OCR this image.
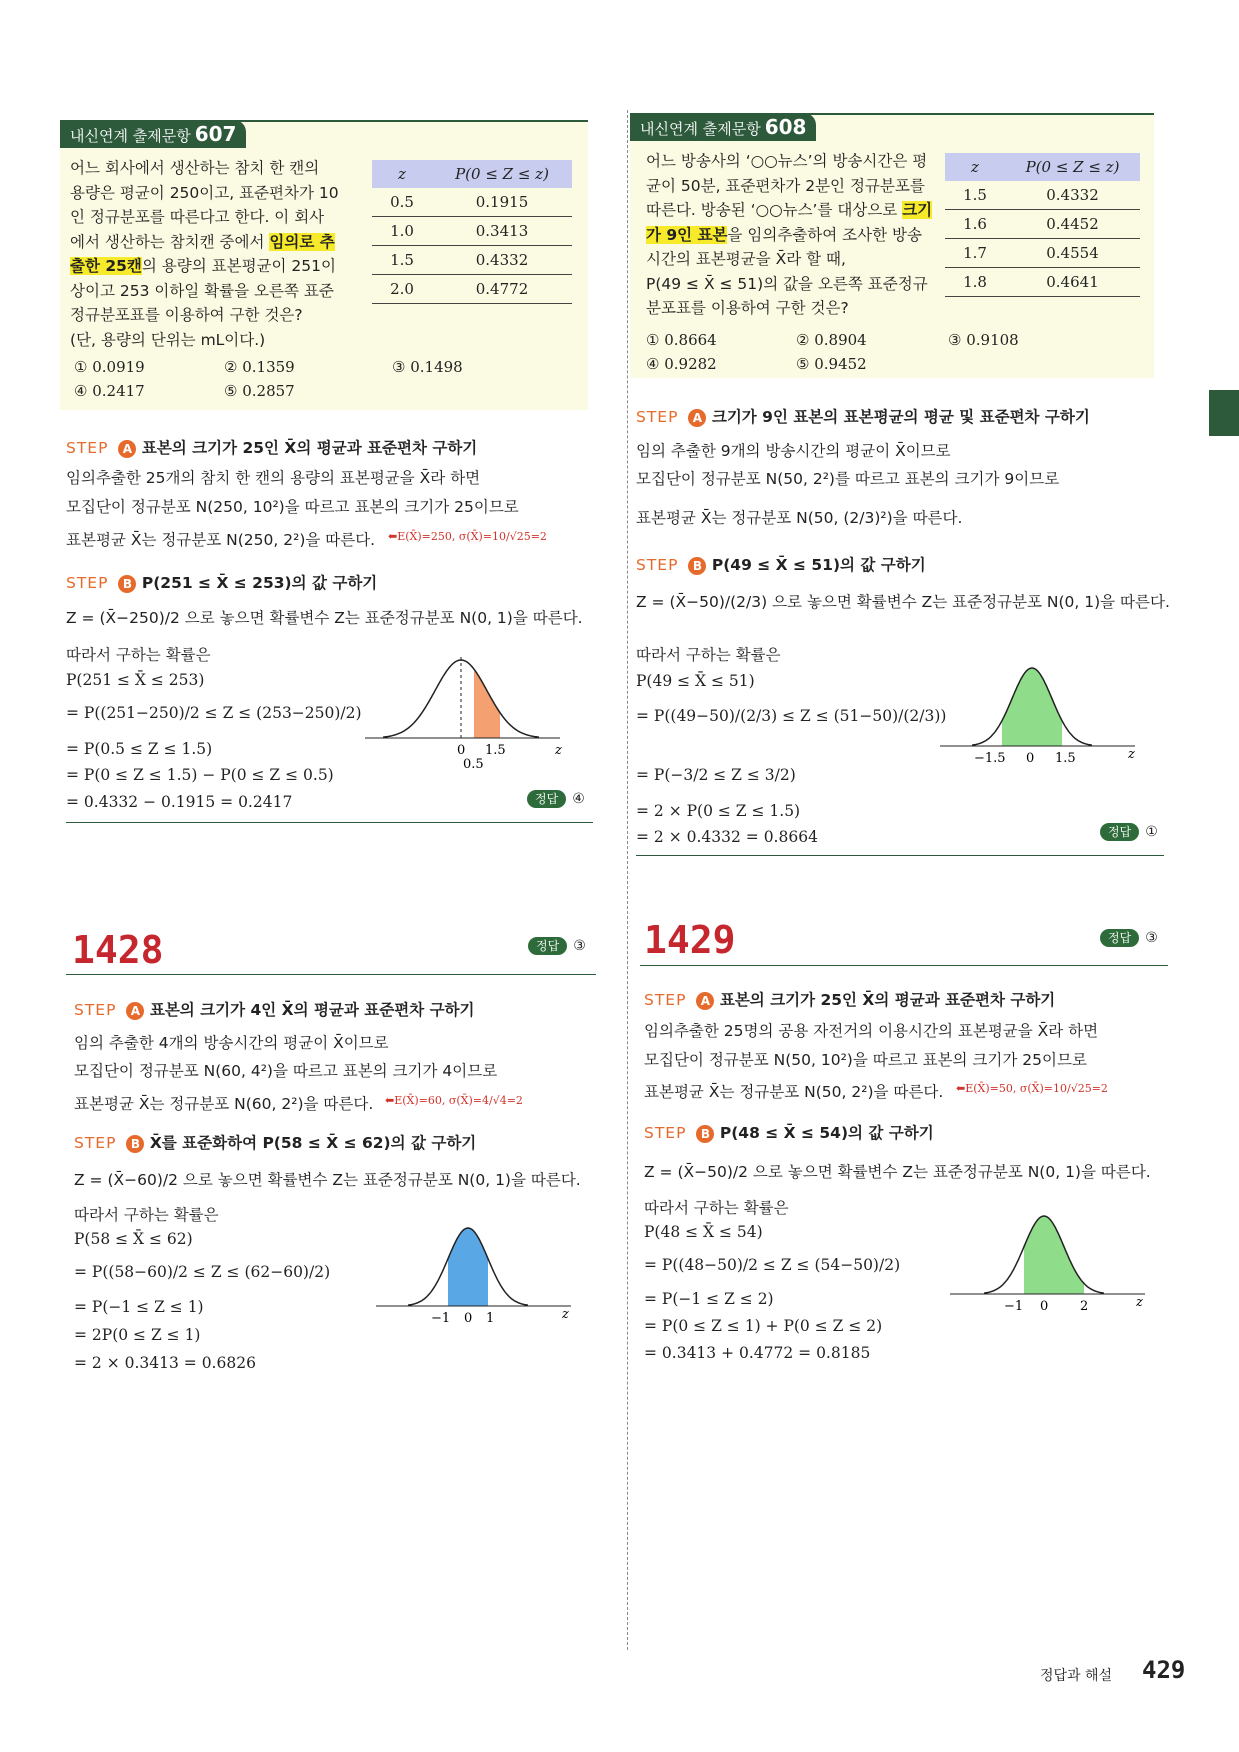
내신연계 출제문항 607
어느 회사에서 생산하는 참치 한 캔의
용량은 평균이 250이고, 표준편차가 10
인 정규분포를 따른다고 한다. 이 회사
에서 생산하는 참치캔 중에서 임의로 추
출한 25캔의 용량의 표본평균이 251이
상이고 253 이하일 확률을 오른쪽 표준
정규분포표를 이용하여 구한 것은?
(단, 용량의 단위는 mL이다.)
z	P(0 ≤ Z ≤ z)
0.5	0.1915
1.0	0.3413
1.5	0.4332
2.0	0.4772
① 0.0919	② 0.1359	③ 0.1498
④ 0.2417	⑤ 0.2857
내신연계 출제문항 608
어느 방송사의 ‘○○뉴스’의 방송시간은 평
균이 50분, 표준편차가 2분인 정규분포를
따른다. 방송된 ‘○○뉴스’를 대상으로 크기
가 9인 표본을 임의추출하여 조사한 방송
시간의 표본평균을 X̄라 할 때,
P(49 ≤ X̄ ≤ 51)의 값을 오른쪽 표준정규
분포표를 이용하여 구한 것은?
z	P(0 ≤ Z ≤ z)
1.5	0.4332
1.6	0.4452
1.7	0.4554
1.8	0.4641
① 0.8664	② 0.8904	③ 0.9108
④ 0.9282	⑤ 0.9452
STEP A 표본의 크기가 25인 X̄의 평균과 표준편차 구하기
임의추출한 25개의 참치 한 캔의 용량의 표본평균을 X̄라 하면
모집단이 정규분포 N(250, 10²)을 따르고 표본의 크기가 25이므로
표본평균 X̄는 정규분포 N(250, 2²)을 따른다. ⬅E(X̄)=250, σ(X̄)=10/√25=2
STEP B P(251 ≤ X̄ ≤ 253)의 값 구하기
Z = (X̄−250)/2 으로 놓으면 확률변수 Z는 표준정규분포 N(0, 1)을 따른다.
따라서 구하는 확률은
P(251 ≤ X̄ ≤ 253)
= P((251−250)/2 ≤ Z ≤ (253−250)/2)
= P(0.5 ≤ Z ≤ 1.5)
= P(0 ≤ Z ≤ 1.5) − P(0 ≤ Z ≤ 0.5)
= 0.4332 − 0.1915 = 0.2417	정답 ④
0 1.5
0.5
z
STEP A 크기가 9인 표본의 표본평균의 평균 및 표준편차 구하기
임의 추출한 9개의 방송시간의 평균이 X̄이므로
모집단이 정규분포 N(50, 2²)를 따르고 표본의 크기가 9이므로
표본평균 X̄는 정규분포 N(50, (2/3)²)을 따른다.
STEP B P(49 ≤ X̄ ≤ 51)의 값 구하기
Z = (X̄−50)/(2/3) 으로 놓으면 확률변수 Z는 표준정규분포 N(0, 1)을 따른다.
따라서 구하는 확률은
P(49 ≤ X̄ ≤ 51)
= P((49−50)/(2/3) ≤ Z ≤ (51−50)/(2/3))
= P(−3/2 ≤ Z ≤ 3/2)
= 2 × P(0 ≤ Z ≤ 1.5)
= 2 × 0.4332 = 0.8664	정답 ①
−1.5 0 1.5	z
1428	정답 ③
STEP A 표본의 크기가 4인 X̄의 평균과 표준편차 구하기
임의 추출한 4개의 방송시간의 평균이 X̄이므로
모집단이 정규분포 N(60, 4²)을 따르고 표본의 크기가 4이므로
표본평균 X̄는 정규분포 N(60, 2²)을 따른다. ⬅E(X̄)=60, σ(X̄)=4/√4=2
STEP B X̄를 표준화하여 P(58 ≤ X̄ ≤ 62)의 값 구하기
Z = (X̄−60)/2 으로 놓으면 확률변수 Z는 표준정규분포 N(0, 1)을 따른다.
따라서 구하는 확률은
P(58 ≤ X̄ ≤ 62)
= P((58−60)/2 ≤ Z ≤ (62−60)/2)
= P(−1 ≤ Z ≤ 1)
= 2P(0 ≤ Z ≤ 1)
= 2 × 0.3413 = 0.6826
−1 0 1	z
1429	정답 ③
STEP A 표본의 크기가 25인 X̄의 평균과 표준편차 구하기
임의추출한 25명의 공용 자전거의 이용시간의 표본평균을 X̄라 하면
모집단이 정규분포 N(50, 10²)을 따르고 표본의 크기가 25이므로
표본평균 X̄는 정규분포 N(50, 2²)을 따른다. ⬅E(X̄)=50, σ(X̄)=10/√25=2
STEP B P(48 ≤ X̄ ≤ 54)의 값 구하기
Z = (X̄−50)/2 으로 놓으면 확률변수 Z는 표준정규분포 N(0, 1)을 따른다.
따라서 구하는 확률은
P(48 ≤ X̄ ≤ 54)
= P((48−50)/2 ≤ Z ≤ (54−50)/2)
= P(−1 ≤ Z ≤ 2)
= P(0 ≤ Z ≤ 1) + P(0 ≤ Z ≤ 2)
= 0.3413 + 0.4772 = 0.8185
−1 0 2	z
정답과 해설 429
